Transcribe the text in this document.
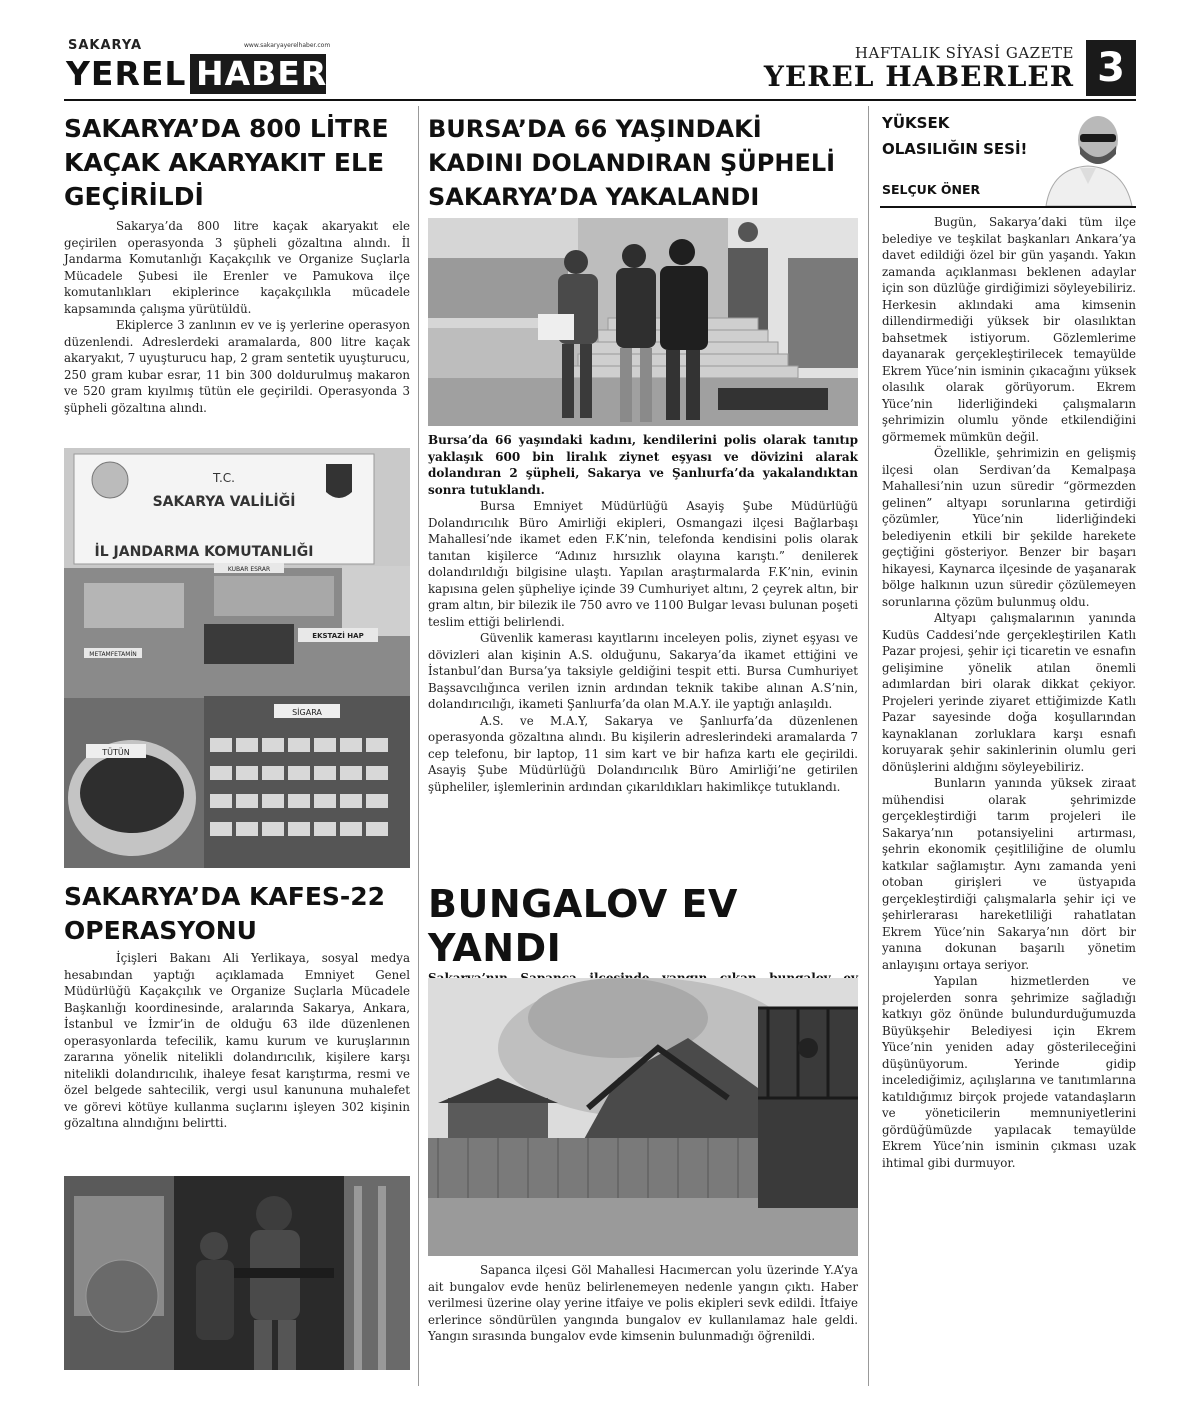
SAKARYA	www.sakaryayerelhaber.com
YEREL HABER
HAFTALIK SİYASİ GAZETE
YEREL HABERLER 3
SAKARYA’DA 800 LİTRE KAÇAK AKARYAKIT ELE GEÇİRİLDİ

Sakarya’da 800 litre kaçak akaryakıt ele geçirilen operasyonda 3 şüpheli gözaltına alındı. İl Jandarma Komutanlığı Kaçakçılık ve Organize Suçlarla Mücadele Şubesi ile Erenler ve Pamukova ilçe komutanlıkları ekiplerince kaçakçılıkla mücadele kapsamında çalışma yürütüldü.

Ekiplerce 3 zanlının ev ve iş yerlerine operasyon düzenlendi. Adreslerdeki aramalarda, 800 litre kaçak akaryakıt, 7 uyuşturucu hap, 2 gram sentetik uyuşturucu, 250 gram kubar esrar, 11 bin 300 doldurulmuş makaron ve 520 gram kıyılmış tütün ele geçirildi. Operasyonda 3 şüpheli gözaltına alındı.

T.C.
SAKARYA VALİLİĞİ
İL JANDARMA KOMUTANLIĞI
METAMFETAMİN
KUBAR ESRAR
EKSTAZİ HAP
SİGARA
TÜTÜN
SAKARYA’DA KAFES-22 OPERASYONU

İçişleri Bakanı Ali Yerlikaya, sosyal medya hesabından yaptığı açıklamada Emniyet Genel Müdürlüğü Kaçakçılık ve Organize Suçlarla Mücadele Başkanlığı koordinesinde, aralarında Sakarya, Ankara, İstanbul ve İzmir’in de olduğu 63 ilde düzenlenen operasyonlarda tefecilik, kamu kurum ve kuruşlarının zararına yönelik nitelikli dolandırıcılık, kişilere karşı nitelikli dolandırıcılık, ihaleye fesat karıştırma, resmi ve özel belgede sahtecilik, vergi usul kanununa muhalefet ve görevi kötüye kullanma suçlarını işleyen 302 kişinin gözaltına alındığını belirtti.

BURSA’DA 66 YAŞINDAKİ KADINI DOLANDIRAN ŞÜPHELİ SAKARYA’DA YAKALANDI
Bursa’da 66 yaşındaki kadını, kendilerini polis olarak tanıtıp yaklaşık 600 bin liralık ziynet eşyası ve dövizini alarak dolandıran 2 şüpheli, Sakarya ve Şanlıurfa’da yakalandıktan sonra tutuklandı.

Bursa Emniyet Müdürlüğü Asayiş Şube Müdürlüğü Dolandırıcılık Büro Amirliği ekipleri, Osmangazi ilçesi Bağlarbaşı Mahallesi’nde ikamet eden F.K’nin, telefonda kendisini polis olarak tanıtan kişilerce “Adınız hırsızlık olayına karıştı.” denilerek dolandırıldığı bilgisine ulaştı. Yapılan araştırmalarda F.K’nin, evinin kapısına gelen şüpheliye içinde 39 Cumhuriyet altını, 2 çeyrek altın, bir gram altın, bir bilezik ile 750 avro ve 1100 Bulgar levası bulunan poşeti teslim ettiği belirlendi.

Güvenlik kamerası kayıtlarını inceleyen polis, ziynet eşyası ve dövizleri alan kişinin A.S. olduğunu, Sakarya’da ikamet ettiğini ve İstanbul’dan Bursa’ya taksiyle geldiğini tespit etti. Bursa Cumhuriyet Başsavcılığınca verilen iznin ardından teknik takibe alınan A.S’nin, dolandırıcılığı, ikameti Şanlıurfa’da olan M.A.Y. ile yaptığı anlaşıldı.

A.S. ve M.A.Y, Sakarya ve Şanlıurfa’da düzenlenen operasyonda gözaltına alındı. Bu kişilerin adreslerindeki aramalarda 7 cep telefonu, bir laptop, 11 sim kart ve bir hafıza kartı ele geçirildi. Asayiş Şube Müdürlüğü Dolandırıcılık Büro Amirliği’ne getirilen şüpheliler, işlemlerinin ardından çıkarıldıkları hakimlikçe tutuklandı.

BUNGALOV EV YANDI

Sapanca ilçesi Göl Mahallesi Hacımercan yolu üzerinde Y.A’ya ait bungalov evde henüz belirlenemeyen nedenle yangın çıktı. Haber verilmesi üzerine olay yerine itfaiye ve polis ekipleri sevk edildi. İtfaiye erlerince söndürülen yangında bungalov ev kullanılamaz hale geldi. Yangın sırasında bungalov evde kimsenin bulunmadığı öğrenildi.

YÜKSEK
OLASILIĞIN SESİ!
SELÇUK ÖNER

Bugün, Sakarya’daki tüm ilçe belediye ve teşkilat başkanları Ankara’ya davet edildiği özel bir gün yaşandı. Yakın zamanda açıklanması beklenen adaylar için son düzlüğe girdiğimizi söyleyebiliriz. Herkesin aklındaki ama kimsenin dillendirmediği yüksek bir olasılıktan bahsetmek istiyorum. Gözlemlerime dayanarak gerçekleştirilecek temayülde Ekrem Yüce’nin isminin çıkacağını yüksek olasılık olarak görüyorum. Ekrem Yüce’nin liderliğindeki çalışmaların şehrimizin olumlu yönde etkilendiğini görmemek mümkün değil.

Özellikle, şehrimizin en gelişmiş ilçesi olan Serdivan’da Kemalpaşa Mahallesi’nin uzun süredir “görmezden gelinen” altyapı sorunlarına getirdiği çözümler, Yüce’nin liderliğindeki belediyenin etkili bir şekilde harekete geçtiğini gösteriyor. Benzer bir başarı hikayesi, Kaynarca ilçesinde de yaşanarak bölge halkının uzun süredir çözülemeyen sorunlarına çözüm bulunmuş oldu.

Altyapı çalışmalarının yanında Kudüs Caddesi’nde gerçekleştirilen Katlı Pazar projesi, şehir içi ticaretin ve esnafın gelişimine yönelik atılan önemli adımlardan biri olarak dikkat çekiyor. Projeleri yerinde ziyaret ettiğimizde Katlı Pazar sayesinde doğa koşullarından kaynaklanan zorluklara karşı esnafı koruyarak şehir sakinlerinin olumlu geri dönüşlerini aldığını söyleyebiliriz.

Bunların yanında yüksek ziraat mühendisi olarak şehrimizde gerçekleştirdiği tarım projeleri ile Sakarya’nın potansiyelini artırması, şehrin ekonomik çeşitliliğine de olumlu katkılar sağlamıştır. Aynı zamanda yeni otoban girişleri ve üstyapıda gerçekleştirdiği çalışmalarla şehir içi ve şehirlerarası hareketliliği rahatlatan Ekrem Yüce’nin Sakarya’nın dört bir yanına dokunan başarılı yönetim anlayışını ortaya seriyor.

Yapılan hizmetlerden ve projelerden sonra şehrimize sağladığı katkıyı göz önünde bulundurduğumuzda Büyükşehir Belediyesi için Ekrem Yüce’nin yeniden aday gösterileceğini düşünüyorum. Yerinde gidip incelediğimiz, açılışlarına ve tanıtımlarına katıldığımız birçok projede vatandaşların ve yöneticilerin memnuniyetlerini gördüğümüzde yapılacak temayülde Ekrem Yüce’nin isminin çıkması uzak ihtimal gibi durmuyor.
